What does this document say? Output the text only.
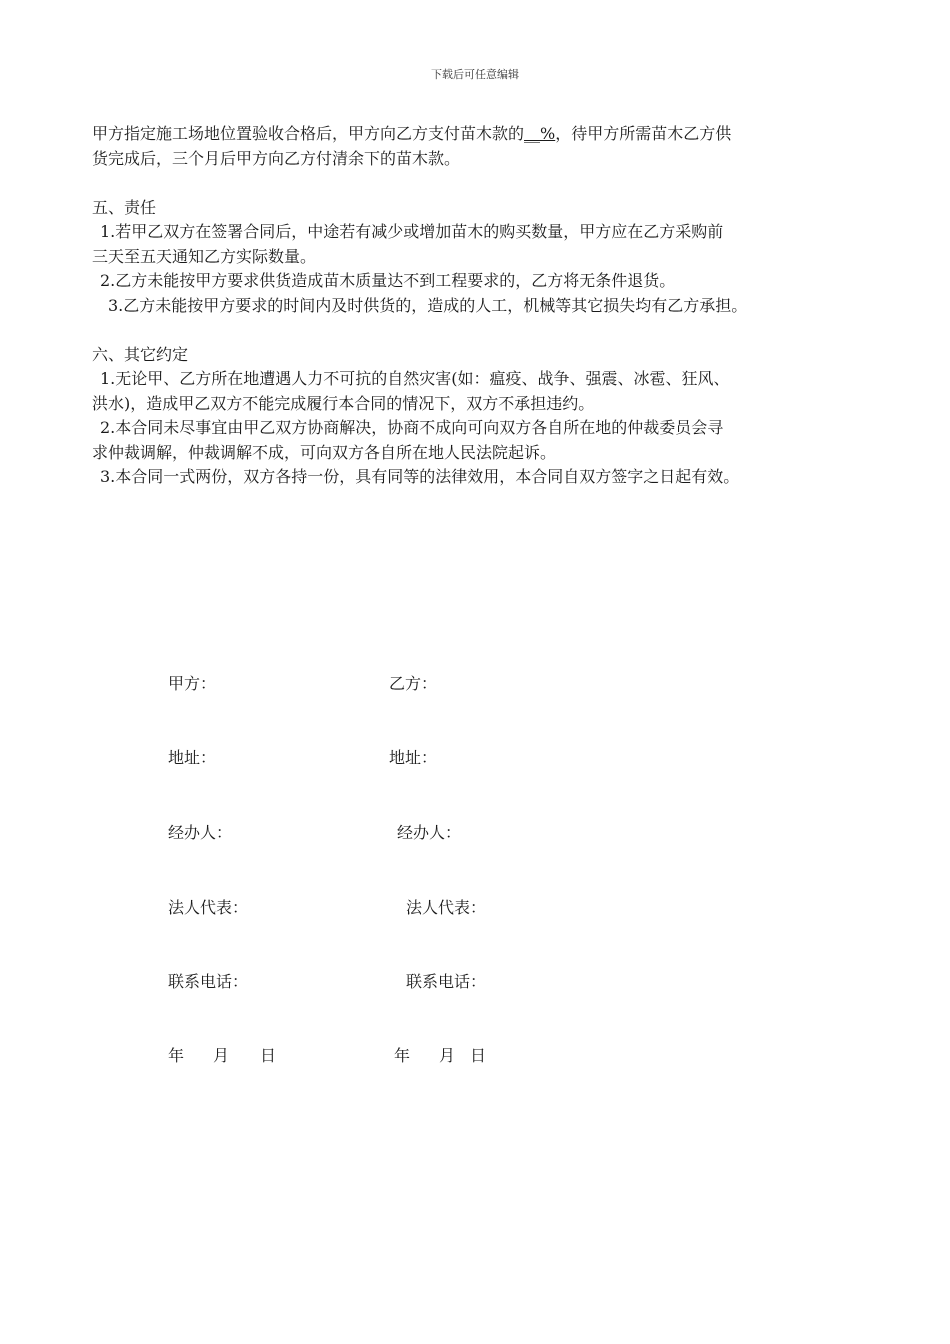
下载后可任意编辑

甲方指定施工场地位置验收合格后，甲方向乙方支付苗木款的__%，待甲方所需苗木乙方供

货完成后，三个月后甲方向乙方付清余下的苗木款。

五、责任

1.若甲乙双方在签署合同后，中途若有减少或增加苗木的购买数量，甲方应在乙方采购前

三天至五天通知乙方实际数量。

2.乙方未能按甲方要求供货造成苗木质量达不到工程要求的，乙方将无条件退货。

3.乙方未能按甲方要求的时间内及时供货的，造成的人工，机械等其它损失均有乙方承担。

六、其它约定

1.无论甲、乙方所在地遭遇人力不可抗的自然灾害(如：瘟疫、战争、强震、冰雹、狂风、

洪水)，造成甲乙双方不能完成履行本合同的情况下，双方不承担违约。

2.本合同未尽事宜由甲乙双方协商解决，协商不成向可向双方各自所在地的仲裁委员会寻

求仲裁调解，仲裁调解不成，可向双方各自所在地人民法院起诉。

3.本合同一式两份，双方各持一份，具有同等的法律效用，本合同自双方签字之日起有效。

甲方：	乙方：
地址：	地址：
经办人：	经办人：
法人代表：	法人代表：
联系电话：	联系电话：
年 月 日	年 月 日
